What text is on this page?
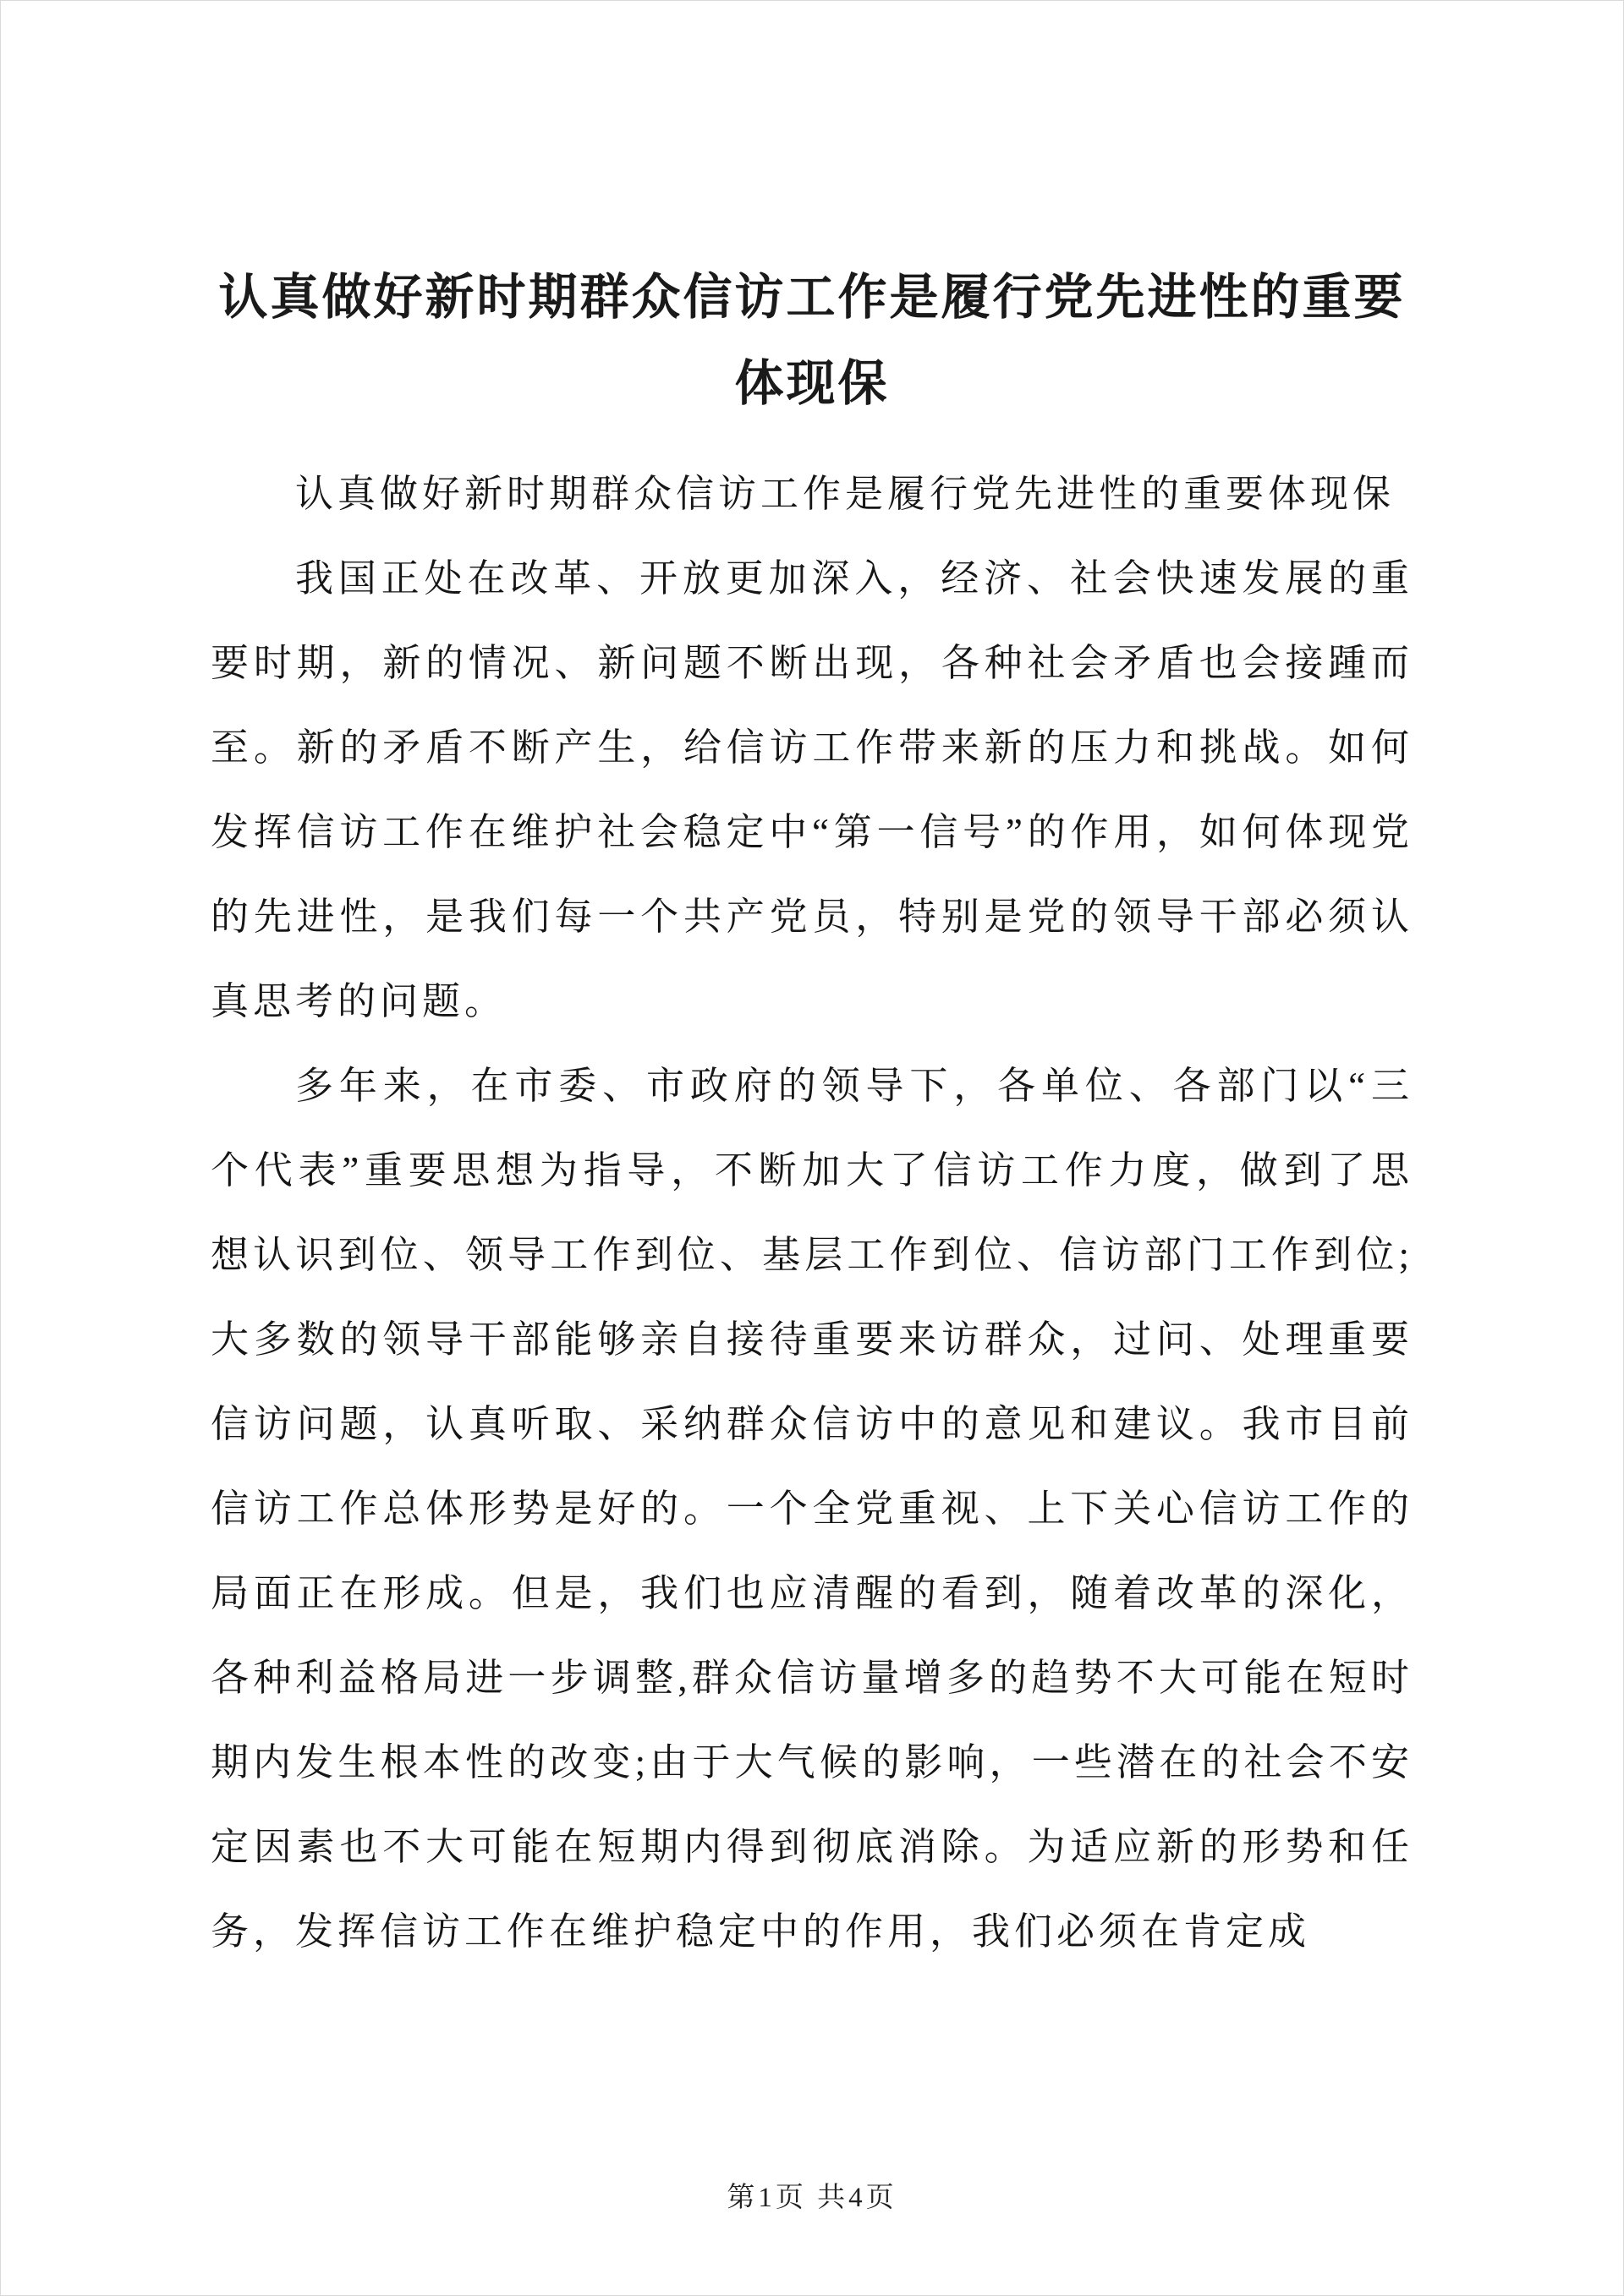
认真做好新时期群众信访工作是履行党先进性的重要体现保

认真做好新时期群众信访工作是履行党先进性的重要体现保

我国正处在改革、开放更加深入，经济、社会快速发展的重要时期，新的情况、新问题不断出现，各种社会矛盾也会接踵而至。新的矛盾不断产生，给信访工作带来新的压力和挑战。如何发挥信访工作在维护社会稳定中“第一信号”的作用，如何体现党的先进性，是我们每一个共产党员，特别是党的领导干部必须认真思考的问题。

多年来，在市委、市政府的领导下，各单位、各部门以“三个代表”重要思想为指导，不断加大了信访工作力度，做到了思想认识到位、领导工作到位、基层工作到位、信访部门工作到位;大多数的领导干部能够亲自接待重要来访群众，过问、处理重要信访问题，认真听取、采纳群众信访中的意见和建议。我市目前信访工作总体形势是好的。一个全党重视、上下关心信访工作的局面正在形成。但是，我们也应清醒的看到，随着改革的深化，各种利益格局进一步调整,群众信访量增多的趋势不大可能在短时期内发生根本性的改变;由于大气候的影响，一些潜在的社会不安定因素也不大可能在短期内得到彻底消除。为适应新的形势和任务，发挥信访工作在维护稳定中的作用，我们必须在肯定成

第1页 共4页
